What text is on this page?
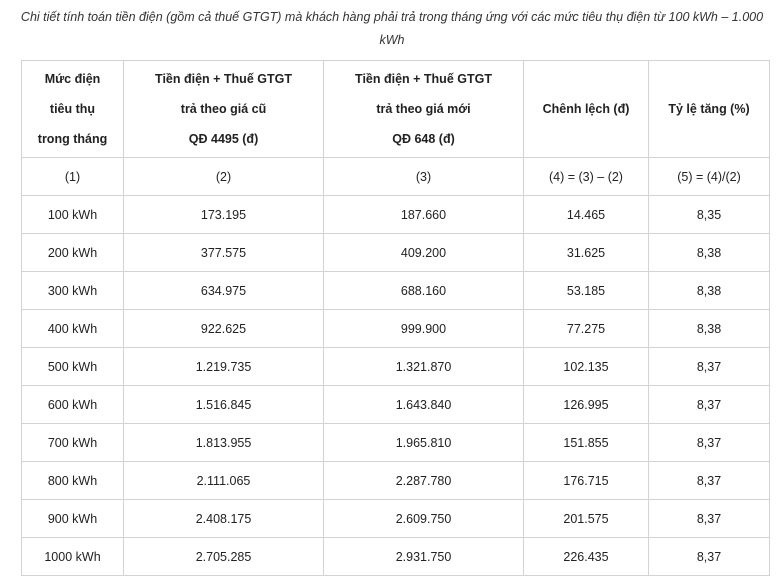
Chi tiết tính toán tiền điện (gồm cả thuế GTGT) mà khách hàng phải trả trong tháng ứng với các mức tiêu thụ điện từ 100 kWh – 1.000 kWh
Mức điện
tiêu thụ
trong tháng	Tiền điện + Thuế GTGT
trả theo giá cũ
QĐ 4495 (đ)	Tiền điện + Thuế GTGT
trả theo giá mới
QĐ 648 (đ)	Chênh lệch (đ)	Tỷ lệ tăng (%)

(1)	(2)	(3)	(4) = (3) – (2)	(5) = (4)/(2)
100 kWh	173.195	187.660	14.465	8,35
200 kWh	377.575	409.200	31.625	8,38
300 kWh	634.975	688.160	53.185	8,38
400 kWh	922.625	999.900	77.275	8,38
500 kWh	1.219.735	1.321.870	102.135	8,37
600 kWh	1.516.845	1.643.840	126.995	8,37
700 kWh	1.813.955	1.965.810	151.855	8,37
800 kWh	2.111.065	2.287.780	176.715	8,37
900 kWh	2.408.175	2.609.750	201.575	8,37
1000 kWh	2.705.285	2.931.750	226.435	8,37
